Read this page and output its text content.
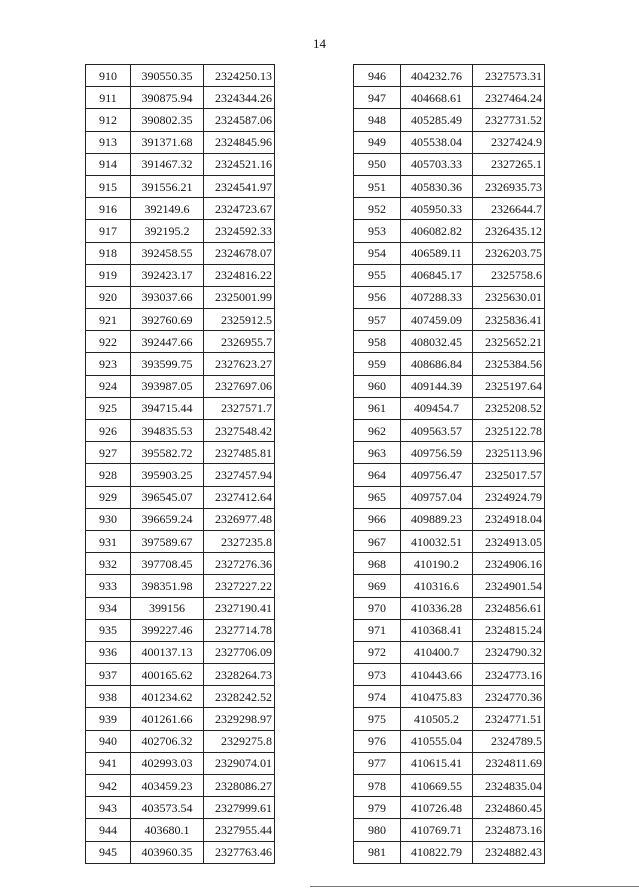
14
910	390550.35	2324250.13
911	390875.94	2324344.26
912	390802.35	2324587.06
913	391371.68	2324845.96
914	391467.32	2324521.16
915	391556.21	2324541.97
916	392149.6	2324723.67
917	392195.2	2324592.33
918	392458.55	2324678.07
919	392423.17	2324816.22
920	393037.66	2325001.99
921	392760.69	2325912.5
922	392447.66	2326955.7
923	393599.75	2327623.27
924	393987.05	2327697.06
925	394715.44	2327571.7
926	394835.53	2327548.42
927	395582.72	2327485.81
928	395903.25	2327457.94
929	396545.07	2327412.64
930	396659.24	2326977.48
931	397589.67	2327235.8
932	397708.45	2327276.36
933	398351.98	2327227.22
934	399156	2327190.41
935	399227.46	2327714.78
936	400137.13	2327706.09
937	400165.62	2328264.73
938	401234.62	2328242.52
939	401261.66	2329298.97
940	402706.32	2329275.8
941	402993.03	2329074.01
942	403459.23	2328086.27
943	403573.54	2327999.61
944	403680.1	2327955.44
945	403960.35	2327763.46
946	404232.76	2327573.31
947	404668.61	2327464.24
948	405285.49	2327731.52
949	405538.04	2327424.9
950	405703.33	2327265.1
951	405830.36	2326935.73
952	405950.33	2326644.7
953	406082.82	2326435.12
954	406589.11	2326203.75
955	406845.17	2325758.6
956	407288.33	2325630.01
957	407459.09	2325836.41
958	408032.45	2325652.21
959	408686.84	2325384.56
960	409144.39	2325197.64
961	409454.7	2325208.52
962	409563.57	2325122.78
963	409756.59	2325113.96
964	409756.47	2325017.57
965	409757.04	2324924.79
966	409889.23	2324918.04
967	410032.51	2324913.05
968	410190.2	2324906.16
969	410316.6	2324901.54
970	410336.28	2324856.61
971	410368.41	2324815.24
972	410400.7	2324790.32
973	410443.66	2324773.16
974	410475.83	2324770.36
975	410505.2	2324771.51
976	410555.04	2324789.5
977	410615.41	2324811.69
978	410669.55	2324835.04
979	410726.48	2324860.45
980	410769.71	2324873.16
981	410822.79	2324882.43
